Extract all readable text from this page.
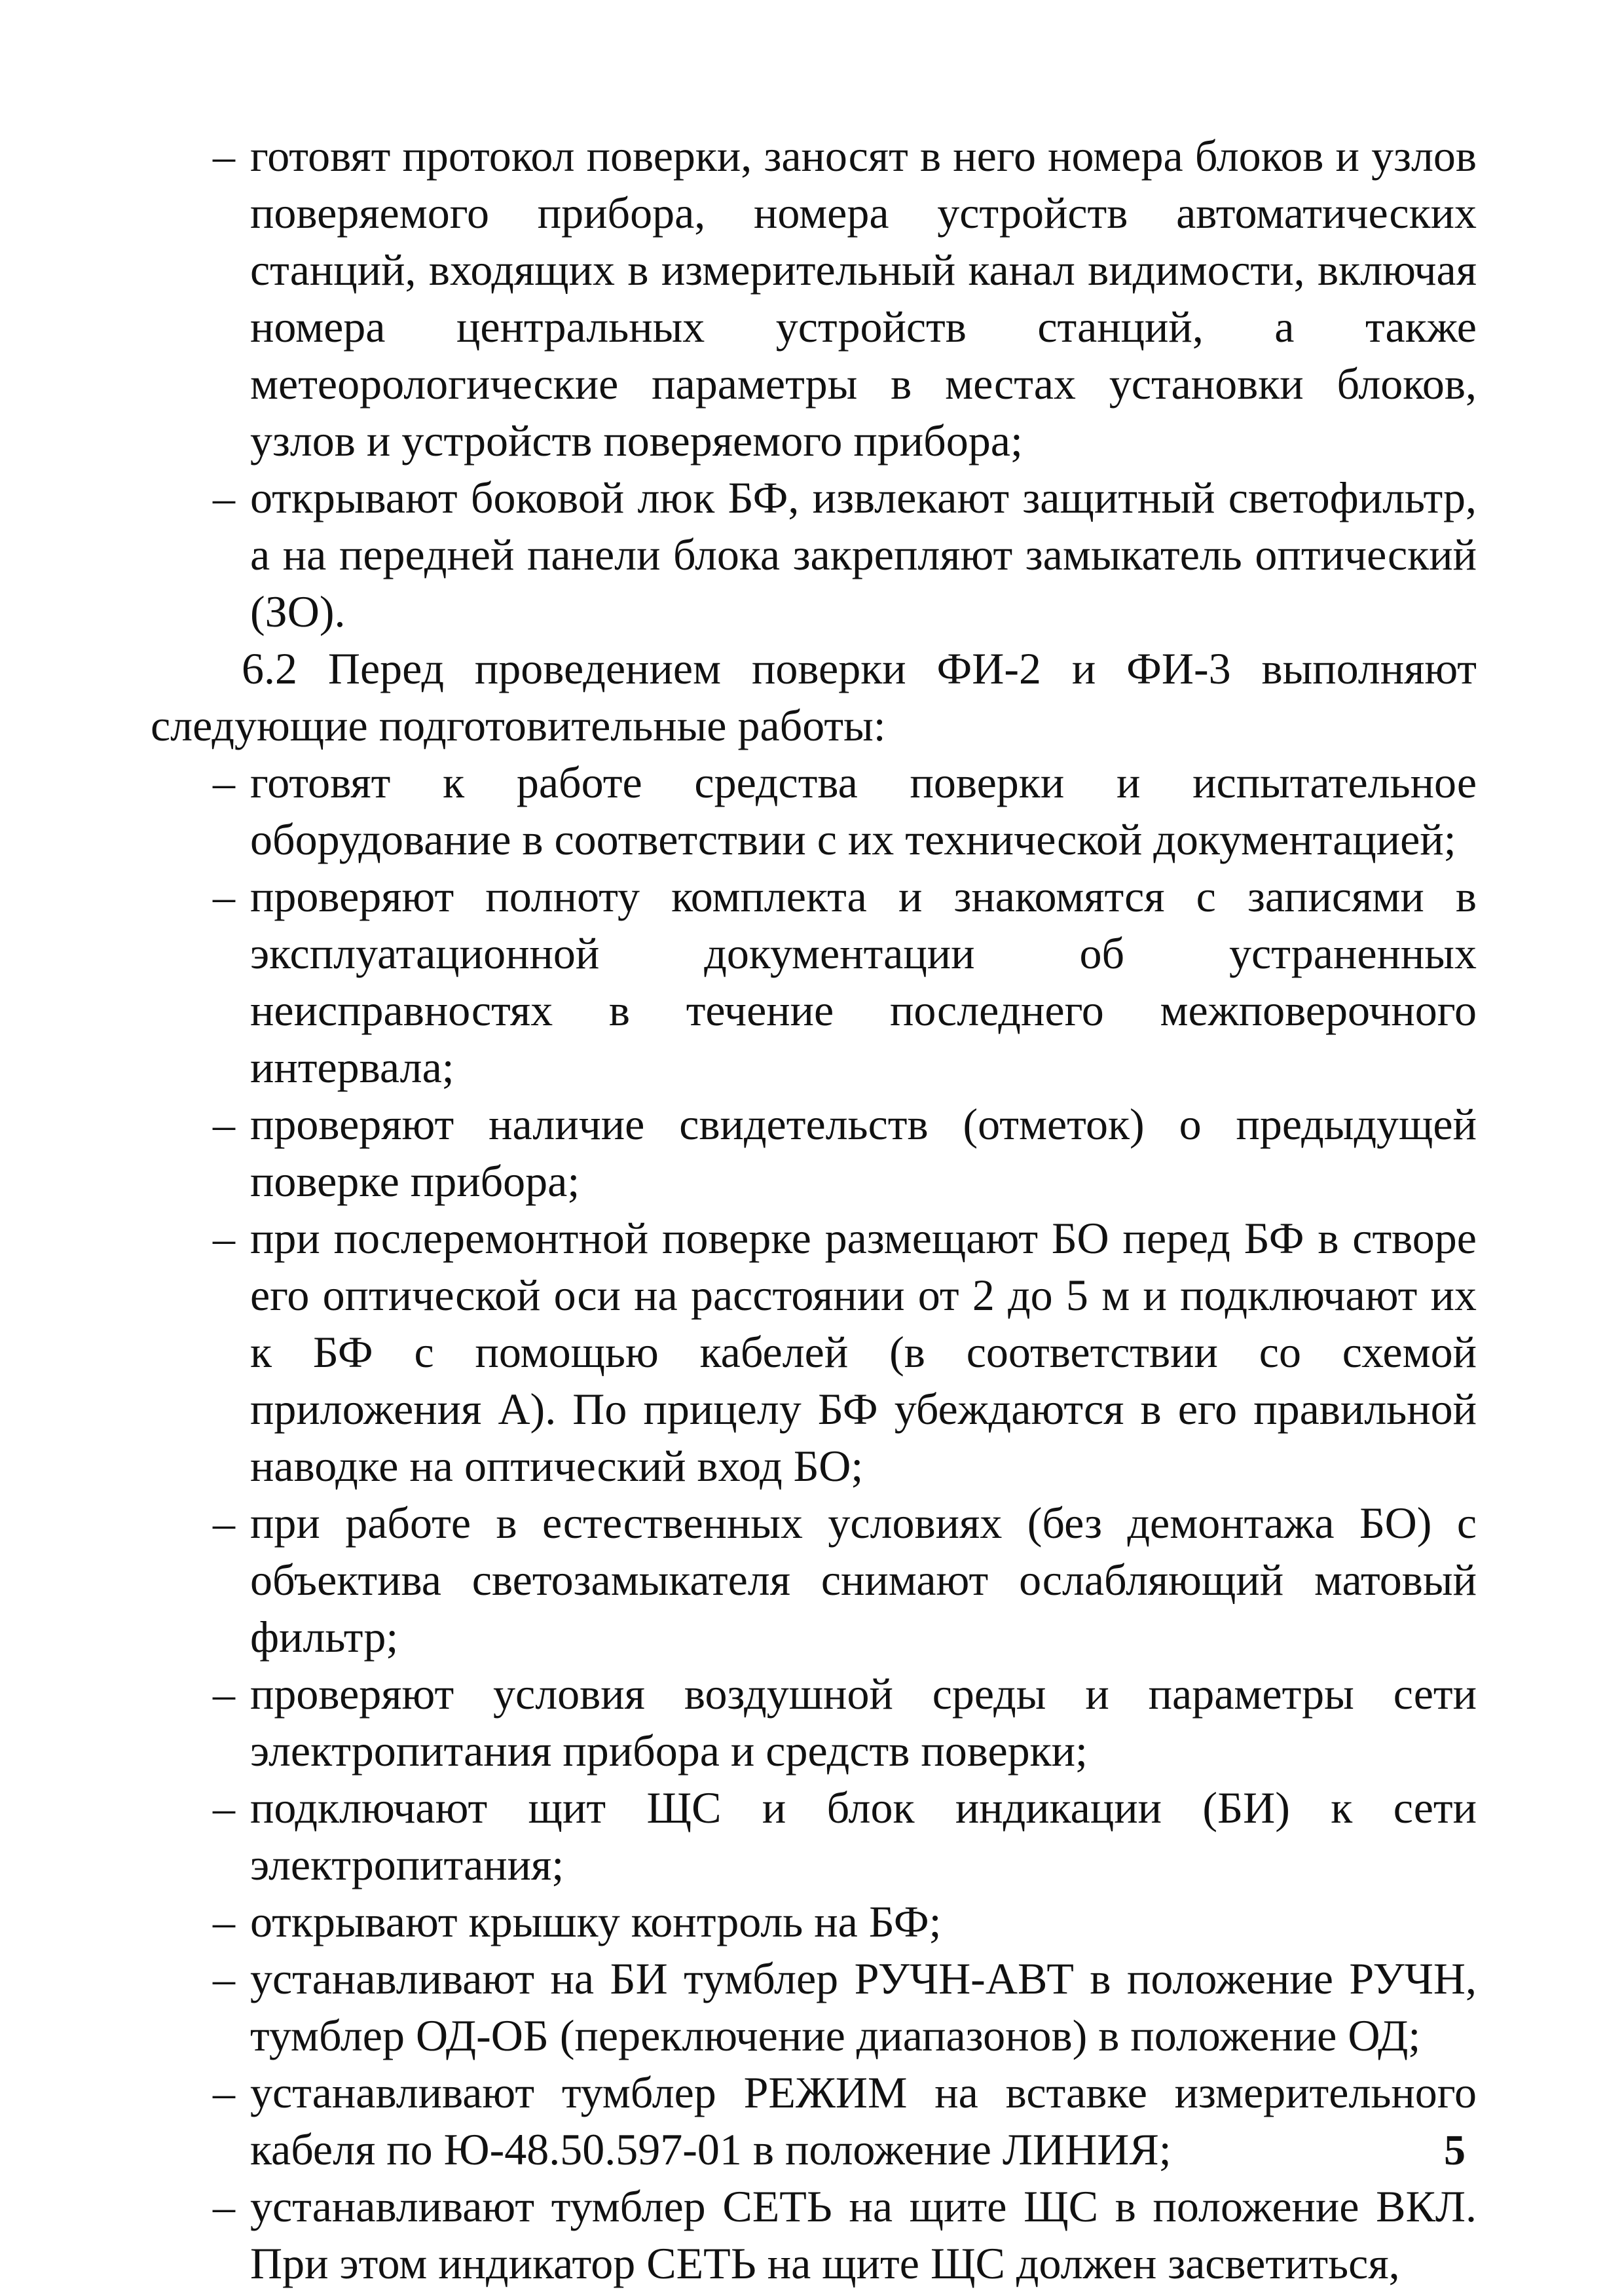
– готовят протокол поверки, заносят в него номера блоков и узлов поверяемого прибора, номера устройств автоматических станций, входящих в измерительный канал видимости, включая номера центральных устройств станций, а также метеорологические параметры в местах установки блоков, узлов и устройств поверяемого прибора;
– открывают боковой люк БФ, извлекают защитный светофильтр, а на передней панели блока закрепляют замыкатель оптический (ЗО).
6.2 Перед проведением поверки ФИ-2 и ФИ-3 выполняют следующие подготовительные работы:
– готовят к работе средства поверки и испытательное оборудование в соответствии с их технической документацией;
– проверяют полноту комплекта и знакомятся с записями в эксплуатационной документации об устраненных неисправностях в течение последнего межповерочного интервала;
– проверяют наличие свидетельств (отметок) о предыдущей поверке прибора;
– при послеремонтной поверке размещают БО перед БФ в створе его оптической оси на расстоянии от 2 до 5 м и подключают их к БФ с помощью кабелей (в соответствии со схемой приложения А). По прицелу БФ убеждаются в его правильной наводке на оптический вход БО;
– при работе в естественных условиях (без демонтажа БО) с объектива светозамыкателя снимают ослабляющий матовый фильтр;
– проверяют условия воздушной среды и параметры сети электропитания прибора и средств поверки;
– подключают щит ЩС и блок индикации (БИ) к сети электропитания;
– открывают крышку контроль на БФ;
– устанавливают на БИ тумблер РУЧН-АВТ в положение РУЧН, тумблер ОД-ОБ (переключение диапазонов) в положение ОД;
– устанавливают тумблер РЕЖИМ на вставке измерительного кабеля по Ю-48.50.597-01 в положение ЛИНИЯ;
– устанавливают тумблер СЕТЬ на щите ЩС в положение ВКЛ. При этом индикатор СЕТЬ на щите ЩС должен засветиться,
5
